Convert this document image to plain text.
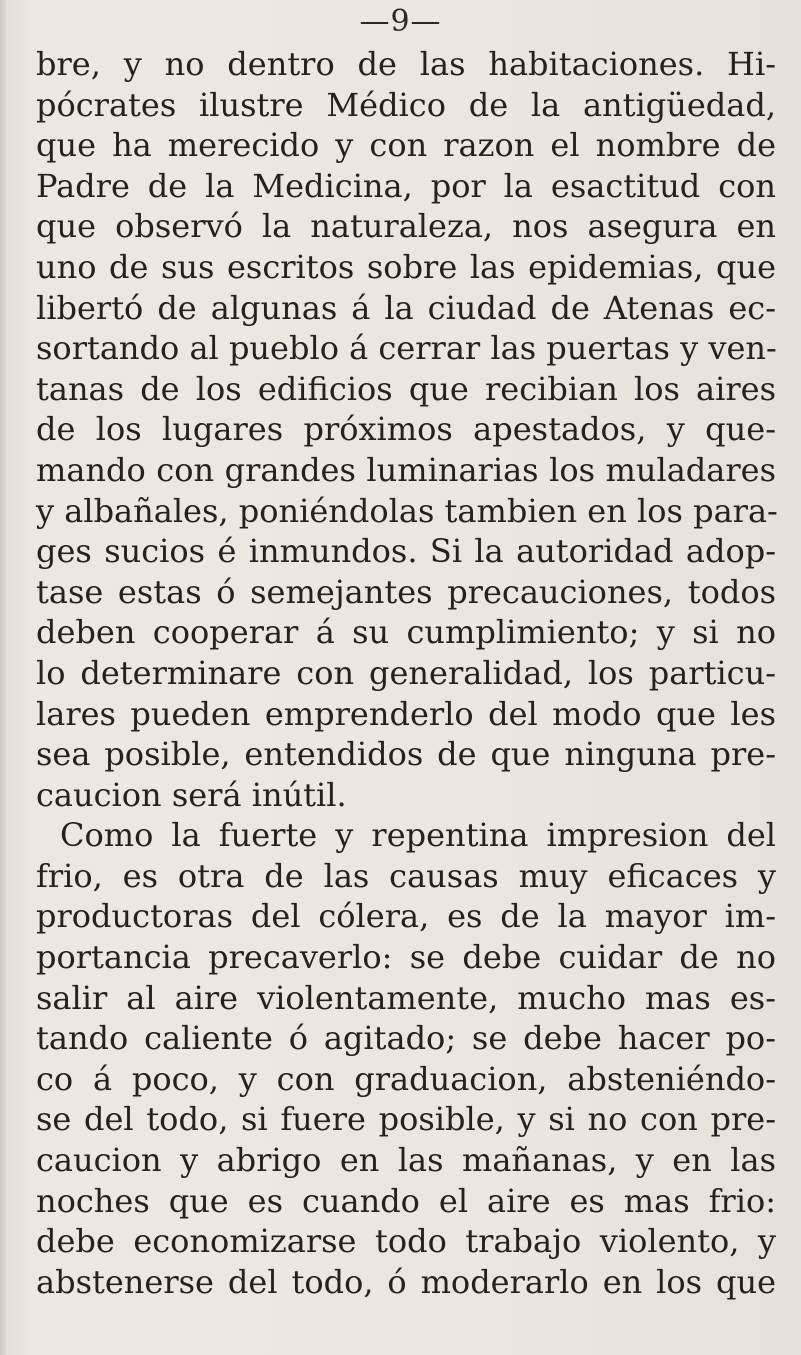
—9—
bre, y no dentro de las habitaciones. Hi-
pócrates ilustre Médico de la antigüedad,
que ha merecido y con razon el nombre de
Padre de la Medicina, por la esactitud con
que observó la naturaleza, nos asegura en
uno de sus escritos sobre las epidemias, que
libertó de algunas á la ciudad de Atenas ec-
sortando al pueblo á cerrar las puertas y ven-
tanas de los edificios que recibian los aires
de los lugares próximos apestados, y que-
mando con grandes luminarias los muladares
y albañales, poniéndolas tambien en los para-
ges sucios é inmundos. Si la autoridad adop-
tase estas ó semejantes precauciones, todos
deben cooperar á su cumplimiento; y si no
lo determinare con generalidad, los particu-
lares pueden emprenderlo del modo que les
sea posible, entendidos de que ninguna pre-
caucion será inútil.
Como la fuerte y repentina impresion del
frio, es otra de las causas muy eficaces y
productoras del cólera, es de la mayor im-
portancia precaverlo: se debe cuidar de no
salir al aire violentamente, mucho mas es-
tando caliente ó agitado; se debe hacer po-
co á poco, y con graduacion, absteniéndo-
se del todo, si fuere posible, y si no con pre-
caucion y abrigo en las mañanas, y en las
noches que es cuando el aire es mas frio:
debe economizarse todo trabajo violento, y
abstenerse del todo, ó moderarlo en los que
